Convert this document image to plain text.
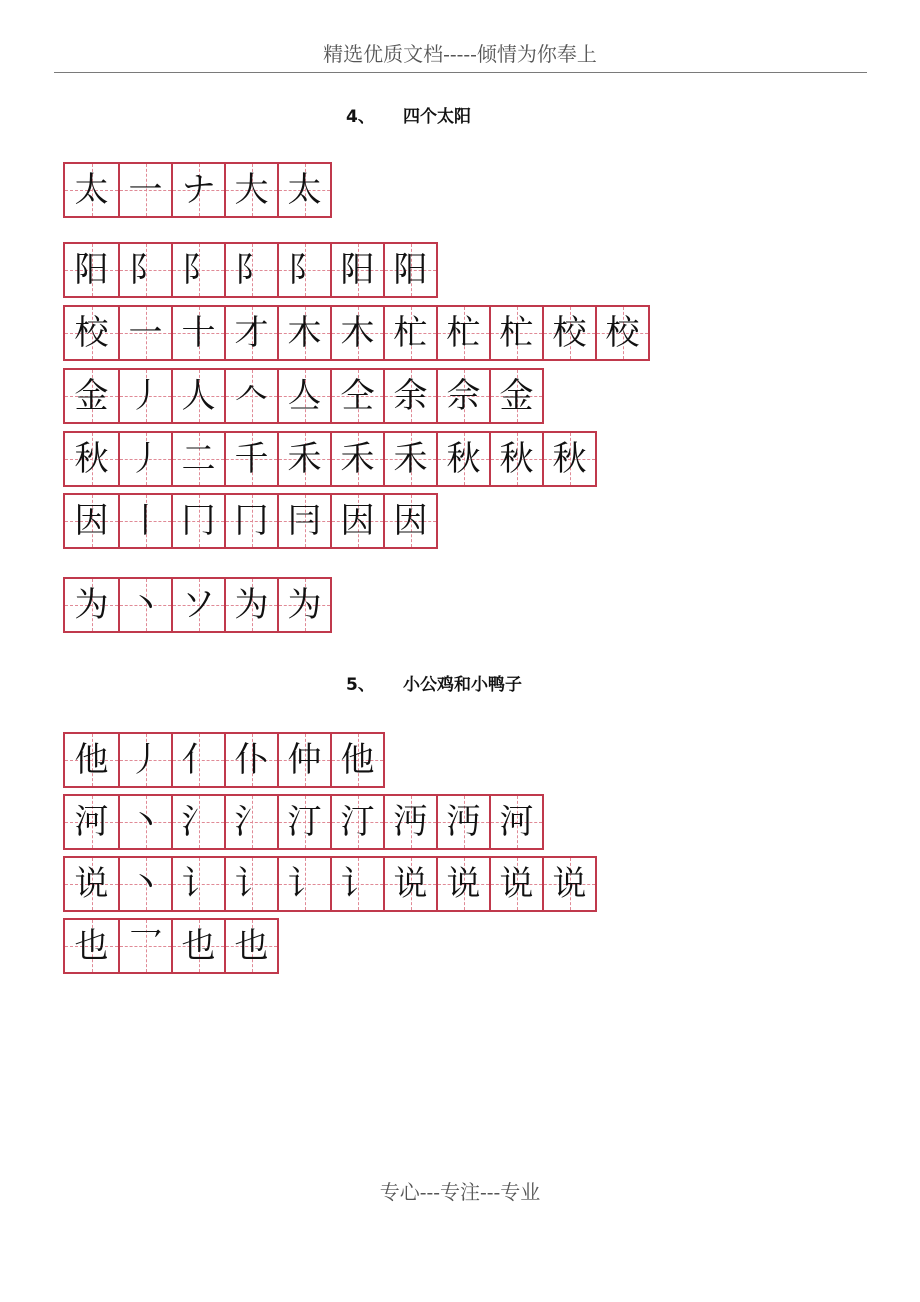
精选优质文档-----倾情为你奉上
4、 四个太阳
太 一 ナ 大 太
阳 阝 阝 阝 阝 阳 阳
校 一 十 才 木 木 杧 杧 杧 校 校
金 丿 人 𠆢 亼 仝 余 佘 金
秋 丿 二 千 禾 禾 禾 秋 秋 秋
因 丨 冂 冂 冃 因 因
为 丶 ソ 为 为
5、 小公鸡和小鸭子
他 丿 亻 仆 仲 他
河 丶 氵 氵 汀 汀 沔 沔 河
说 丶 讠 讠 讠 讠 说 说 说 说
也 乛 也 也
专心---专注---专业
